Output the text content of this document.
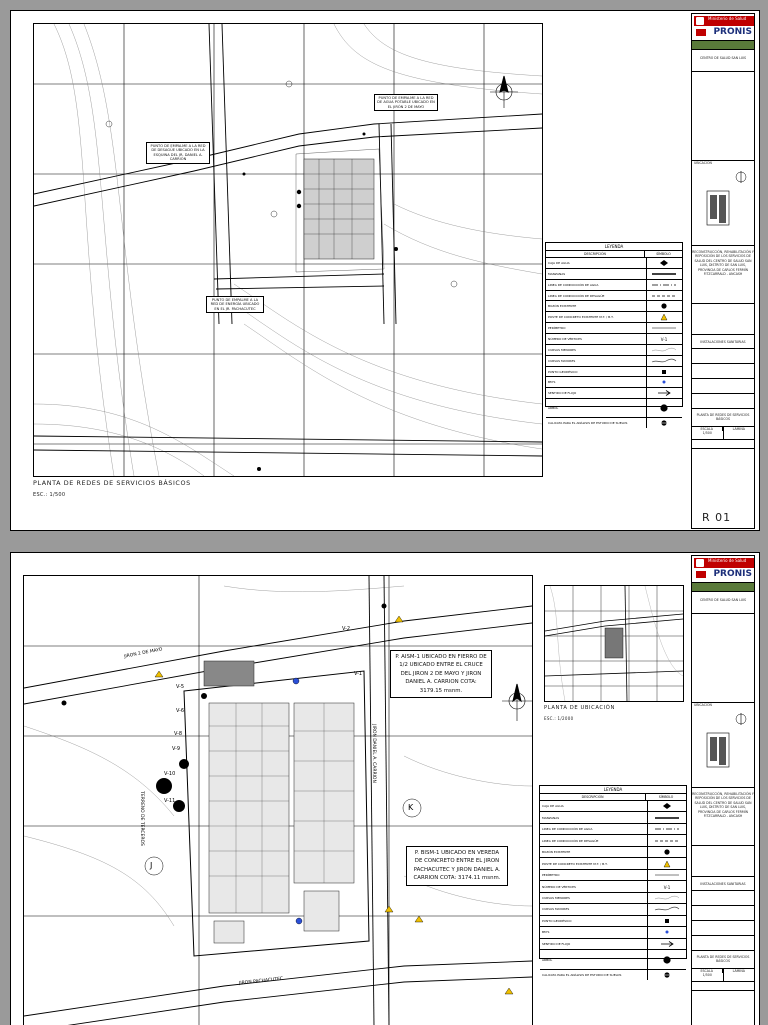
PUNTO DE EMPALME A LA RED DE AGUA POTABLE UBICADO EN EL JIRÓN 2 DE MAYO
PUNTO DE EMPALME A LA RED DE DESAGÜE UBICADO EN LA ESQUINA DEL JR. DANIEL A. CARRIÓN
PUNTO DE EMPALME A LA RED DE ENERGÍA UBICADO EN EL JR. PACHACUTEC
PLANTA DE REDES DE SERVICIOS BÁSICOS
ESC.: 1/500
LEYENDA
DESCRIPCIÓN	SÍMBOLO
CAJA DE AGUA
MANZANAS
LINEA DE CONDUCCIÓN DE AGUA
LINEA DE CONDUCCIÓN DE DESAGÜE
BUZÓN EXISTENTE
POSTE DE CONCRETO EXISTENTE M.T. / B.T.
PERÍMETRO
NÚMERO DE VÉRTICES	V-1
CURVAS MENORES
CURVAS MAYORES
PUNTO GEODÉSICO
BM'S
SENTIDO DE FLUJO
ÁRBOL
CALICATA PARA EL ANÁLISIS DE ESTUDIO DE SUELOS
Ministerio de Salud
PRONIS
CENTRO DE SALUD SAN LUIS
UBICACIÓN
RECONSTRUCCIÓN, REHABILITACIÓN Y REPOSICIÓN DE LOS SERVICIOS DE SALUD DEL CENTRO DE SALUD SAN LUIS, DISTRITO DE SAN LUIS, PROVINCIA DE CARLOS FERMÍN FITZCARRALD - ANCASH
INSTALACIONES SANITARIAS
PLANTA DE REDES DE SERVICIOS BÁSICOS
ESCALA
1/500
LÁMINA
R 01
J
K
JIRON 2 DE MAYO
JIRON DANIEL A. CARRION
JIRON PACHACUTEC
TERRENO DE TERCEROS
V-5
V-6
V-8
V-9
V-10
V-11
V-1
V-2
P. AISM-1 UBICADO EN FIERRO DE 1/2 UBICADO ENTRE EL CRUCE DEL JIRON 2 DE MAYO Y JIRON DANIEL A. CARRION COTA: 3179.15 msnm.
P. BISM-1 UBICADO EN VEREDA DE CONCRETO ENTRE EL JIRON PACHACUTEC Y JIRON DANIEL A. CARRION COTA: 3174.11 msnm.
PLANTA DE UBICACIÓN
ESC.: 1/2000
LEYENDA
DESCRIPCIÓN	SÍMBOLO
CAJA DE AGUA
MANZANAS
LINEA DE CONDUCCIÓN DE AGUA
LINEA DE CONDUCCIÓN DE DESAGÜE
BUZÓN EXISTENTE
POSTE DE CONCRETO EXISTENTE M.T. / B.T.
PERÍMETRO
NÚMERO DE VÉRTICES	V-1
CURVAS MENORES
CURVAS MAYORES
PUNTO GEODÉSICO
BM'S
SENTIDO DE FLUJO
ÁRBOL
CALICATA PARA EL ANÁLISIS DE ESTUDIO DE SUELOS
Ministerio de Salud
PRONIS
CENTRO DE SALUD SAN LUIS
UBICACIÓN
RECONSTRUCCIÓN, REHABILITACIÓN Y REPOSICIÓN DE LOS SERVICIOS DE SALUD DEL CENTRO DE SALUD SAN LUIS, DISTRITO DE SAN LUIS, PROVINCIA DE CARLOS FERMÍN FITZCARRALD - ANCASH
INSTALACIONES SANITARIAS
PLANTA DE REDES DE SERVICIOS BÁSICOS
ESCALA
1/500
LÁMINA
